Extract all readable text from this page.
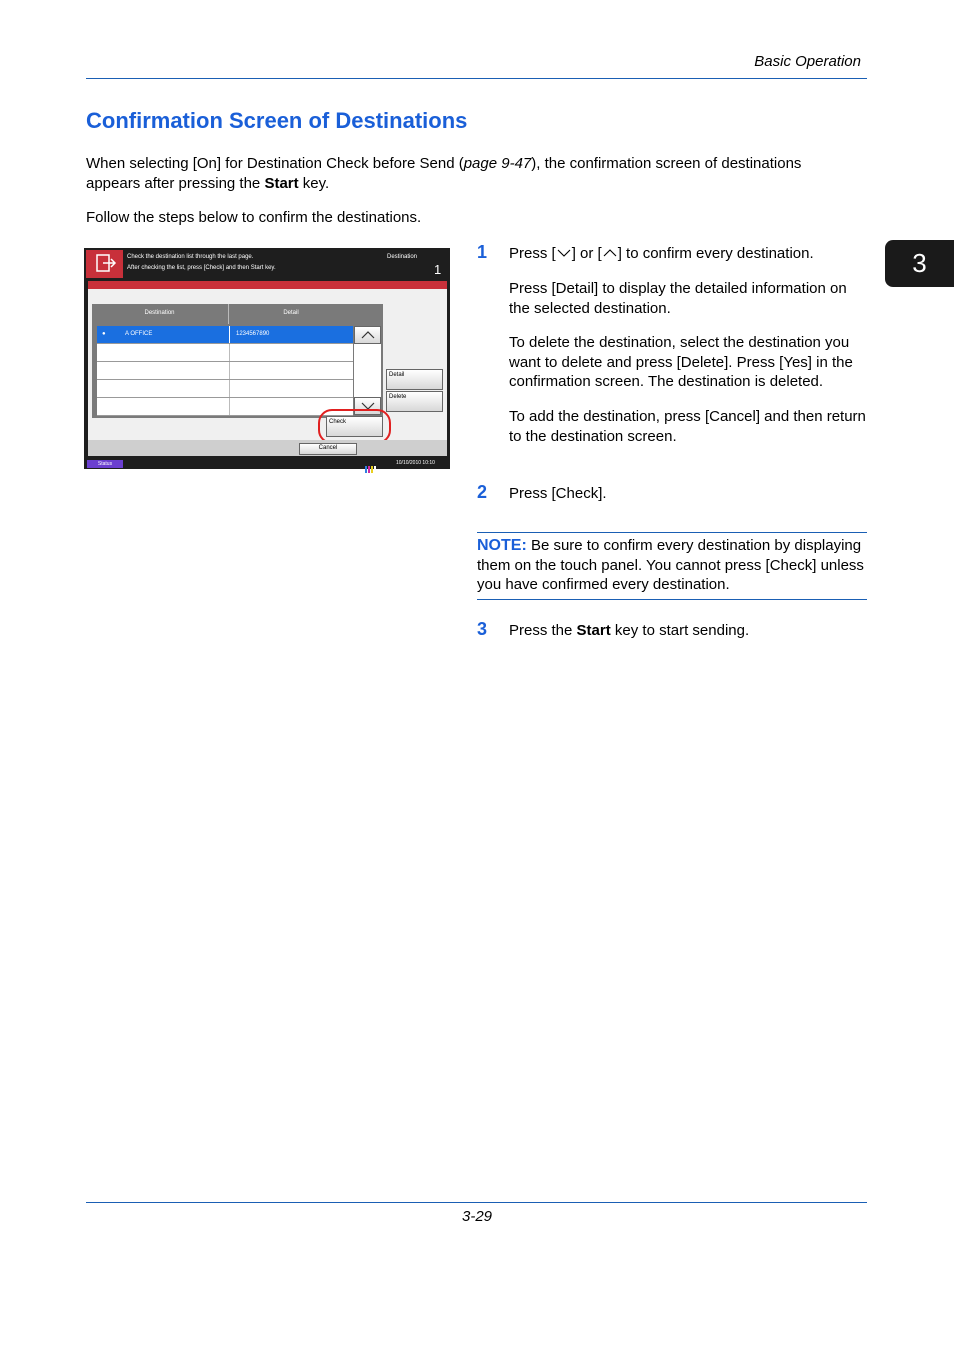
Basic Operation
3
Confirmation Screen of Destinations
When selecting [On] for Destination Check before Send (page 9-47), the confirmation screen of destinations
appears after pressing the Start key.
Follow the steps below to confirm the destinations.
Check the destination list through the last page.
After checking the list, press [Check] and then Start key.
Destination
1
Destination	Detail
●	A OFFICE	1234567890
Detail
Delete
Check
Cancel
Status	10/10/2010 10:10
1 Press [ ] or [ ] to confirm every destination.
Press [Detail] to display the detailed information on the selected destination.
To delete the destination, select the destination you want to delete and press [Delete]. Press [Yes] in the confirmation screen. The destination is deleted.
To add the destination, press [Cancel] and then return to the destination screen.
2 Press [Check].
NOTE: Be sure to confirm every destination by displaying them on the touch panel. You cannot press [Check] unless you have confirmed every destination.
3 Press the Start key to start sending.
3-29
